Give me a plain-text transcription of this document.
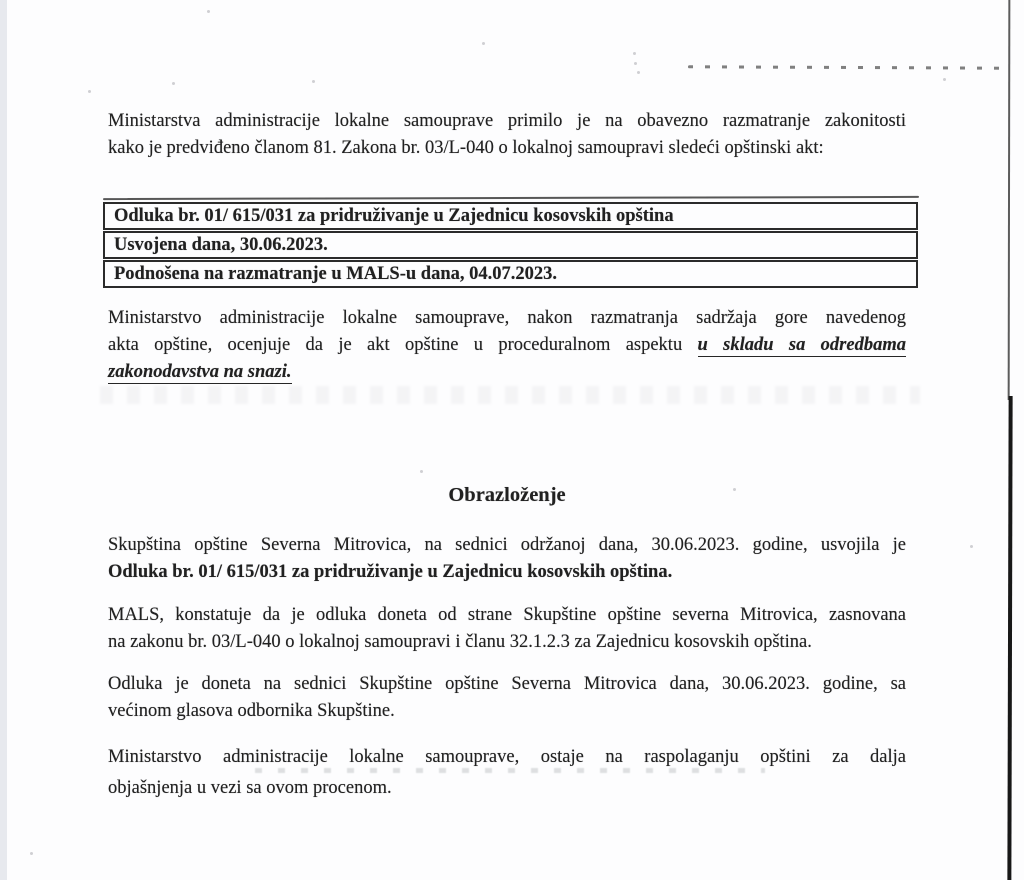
Ministarstva administracije lokalne samouprave primilo je na obavezno razmatranje zakonitosti
kako je predviđeno članom 81. Zakona br. 03/L-040 o lokalnoj samoupravi sledeći opštinski akt:
Odluka br. 01/ 615/031 za pridruživanje u Zajednicu kosovskih opština
Usvojena dana, 30.06.2023.
Podnošena na razmatranje u MALS-u dana, 04.07.2023.
Ministarstvo administracije lokalne samouprave, nakon razmatranja sadržaja gore navedenog
akta opštine, ocenjuje da je akt opštine u proceduralnom aspektu u skladu sa odredbama
zakonodavstva na snazi.
Obrazloženje
Skupština opštine Severna Mitrovica, na sednici održanoj dana, 30.06.2023. godine, usvojila je
Odluka br. 01/ 615/031 za pridruživanje u Zajednicu kosovskih opština.
MALS, konstatuje da je odluka doneta od strane Skupštine opštine severna Mitrovica, zasnovana
na zakonu br. 03/L-040 o lokalnoj samoupravi i članu 32.1.2.3 za Zajednicu kosovskih opština.
Odluka je doneta na sednici Skupštine opštine Severna Mitrovica dana, 30.06.2023. godine, sa
većinom glasova odbornika Skupštine.
Ministarstvo administracije lokalne samouprave, ostaje na raspolaganju opštini za dalja
objašnjenja u vezi sa ovom procenom.
